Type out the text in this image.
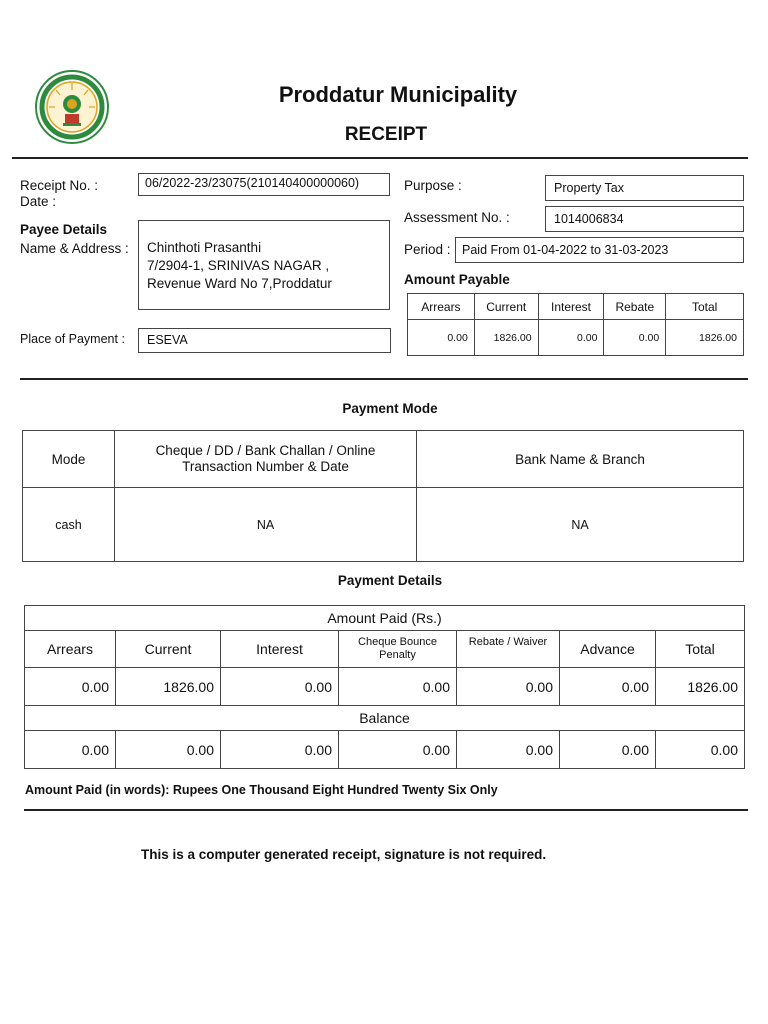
Proddatur Municipality
RECEIPT
Receipt No. :
Date :
06/2022-23/23075(210140400000060)
Payee Details
Name & Address : Chinthoti Prasanthi
7/2904-1, SRINIVAS NAGAR ,
Revenue Ward No 7,Proddatur
Place of Payment :	ESEVA
Purpose :	Property Tax
Assessment No. :	1014006834
Period : Paid From 01-04-2022 to 31-03-2023
Amount Payable
Arrears	Current	Interest	Rebate	Total
0.00	1826.00	0.00	0.00	1826.00
Payment Mode
Mode	Cheque / DD / Bank Challan / Online Transaction Number & Date	Bank Name & Branch
cash	NA	NA
Payment Details
Amount Paid (Rs.)						
Arrears	Current	Interest	Cheque Bounce Penalty	Rebate / Waiver	Advance	Total
0.00	1826.00	0.00	0.00	0.00	0.00	1826.00
Balance						
0.00	0.00	0.00	0.00	0.00	0.00	0.00
Amount Paid (in words): Rupees One Thousand Eight Hundred Twenty Six Only
This is a computer generated receipt, signature is not required.
